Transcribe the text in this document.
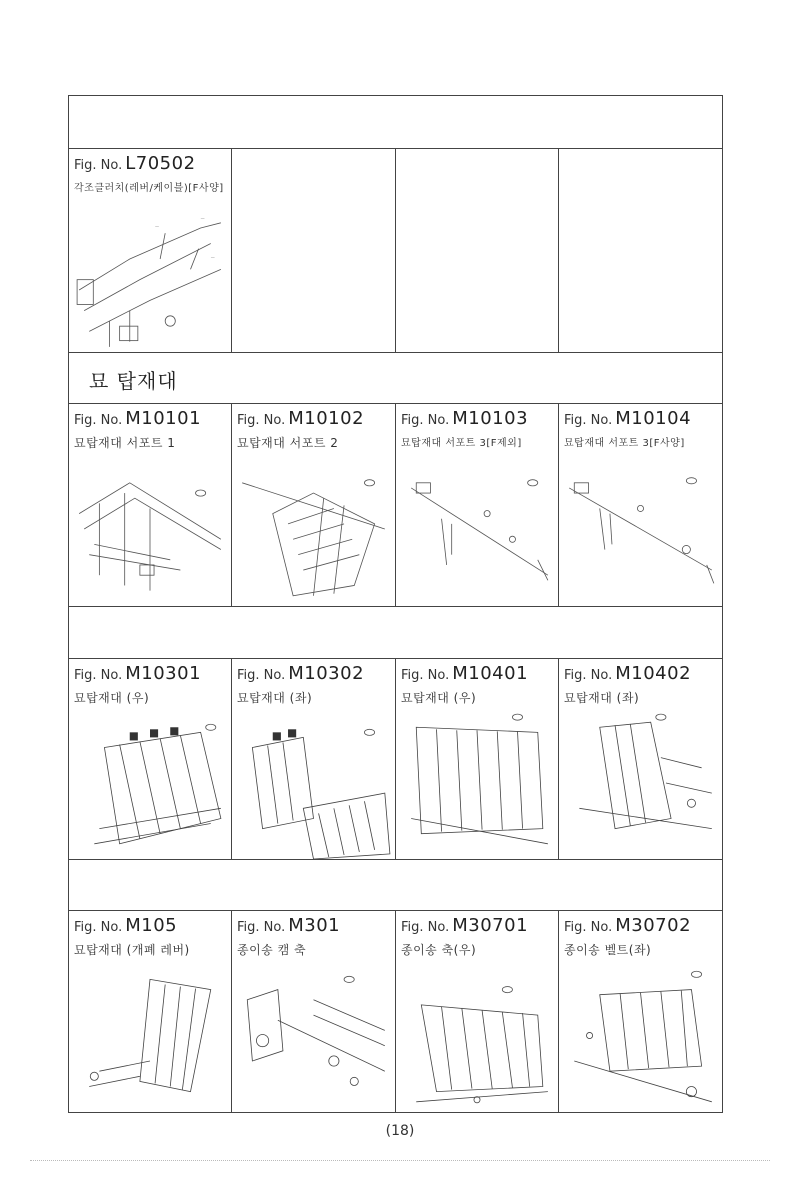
Fig. No. L70502
각조클러치(레버/케이블)[F사양]
—
—
—
묘 탑재대
Fig. No. M10101
묘탑재대 서포트 1
Fig. No. M10102
묘탑재대 서포트 2
Fig. No. M10103
묘탑재대 서포트 3[F제외]
Fig. No. M10104
묘탑재대 서포트 3[F사양]
Fig. No. M10301
묘탑재대 (우)
Fig. No. M10302
묘탑재대 (좌)
Fig. No. M10401
묘탑재대 (우)
Fig. No. M10402
묘탑재대 (좌)
Fig. No. M105
묘탑재대 (개폐 레버)
Fig. No. M301
종이송 캠 축
Fig. No. M30701
종이송 축(우)
Fig. No. M30702
종이송 벨트(좌)
(18)
